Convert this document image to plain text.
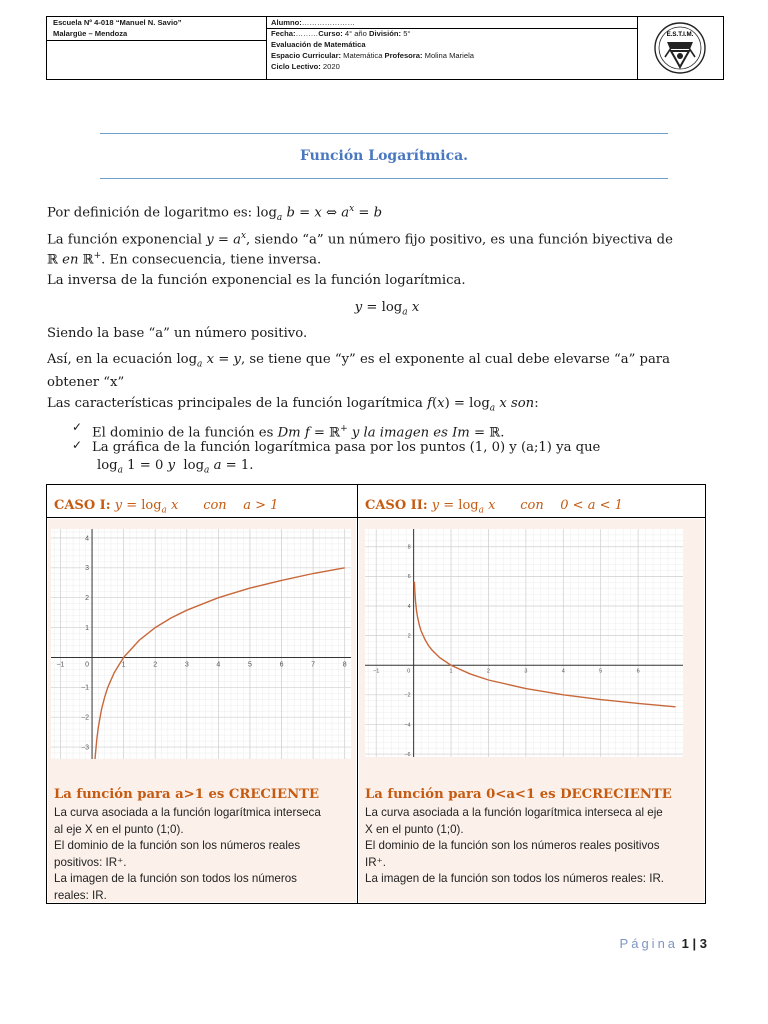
Escuela Nº 4-018 “Manuel N. Savio”
Malargüe – Mendoza
Alumno:…………………
Fecha:………Curso: 4° año División: 5°
Evaluación de Matemática
Espacio Curricular: Matemática Profesora: Molina Mariela
Ciclo Lectivo: 2020
E.S.T.I.M.
Función Logarítmica.
Por definición de logaritmo es: $\log_a b = x$ ⇔ $a^x = b$
La función exponencial $y = a^x$, siendo “a” un número fijo positivo, es una función biyectiva de
ℝ en ℝ+. En consecuencia, tiene inversa.
La inversa de la función exponencial es la función logarítmica.
$y = \log_a x$
Siendo la base “a” un número positivo.
Así, en la ecuación $\log_a x = y$, se tiene que “y” es el exponente al cual debe elevarse “a” para
obtener “x”
Las características principales de la función logarítmica $f(x) = \log_a x$ son:
✓ El dominio de la función es Dm f = ℝ+ y la imagen es Im = ℝ.
✓ La gráfica de la función logarítmica pasa por los puntos (1, 0) y (a;1) ya que
$\log_a 1 = 0$ y  $\log_a a = 1$.
CASO I: $y = \log_a x$ con a > 1	CASO II: $y = \log_a x$ con 0 < a < 1
−1	0	1	2	3	4	5	6	7	8
−3
−2
−1
1
2
3
4
−1	0	1	2	3	4	5	6
−6
−4
−2
2
4
6
8
La función para a>1 es CRECIENTE
La curva asociada a la función logarítmica interseca
al eje X en el punto (1;0).
El dominio de la función son los números reales
positivos: IR⁺.
La imagen de la función son todos los números
reales: IR.
La función para 0<a<1 es DECRECIENTE
La curva asociada a la función logarítmica interseca al eje
X en el punto (1;0).
El dominio de la función son los números reales positivos
IR⁺.
La imagen de la función son todos los números reales: IR.
Página 1 | 3
